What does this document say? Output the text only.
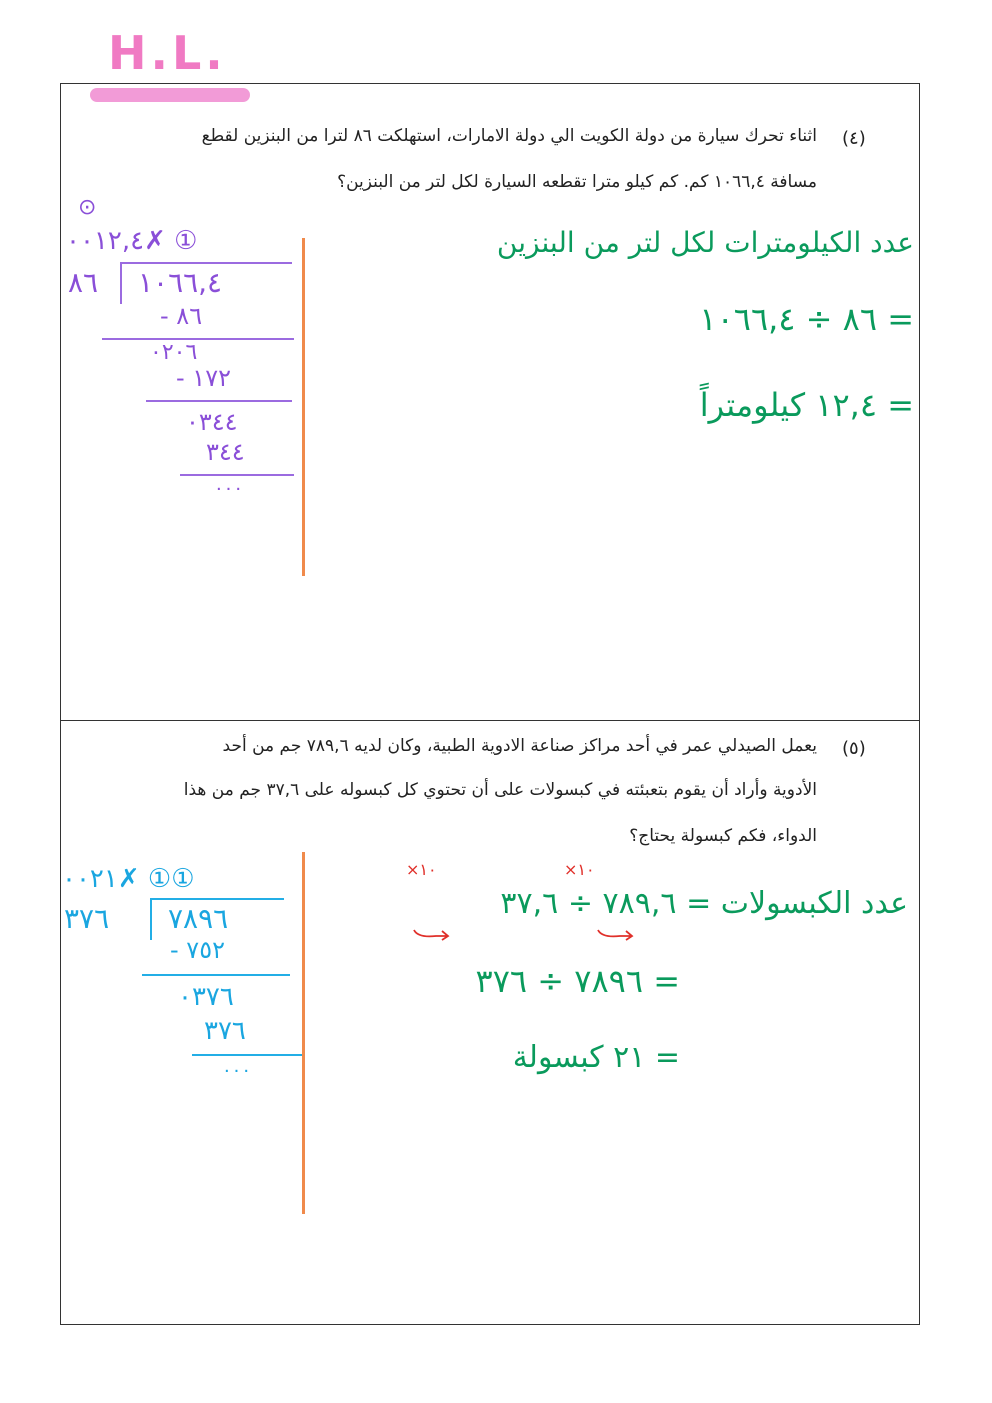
H.L.
(٤)
اثناء تحرك سيارة من دولة الكويت الي دولة الامارات، استهلكت ٨٦ لترا من البنزين لقطع
مسافة ١٠٦٦,٤ كم. كم كيلو مترا تقطعه السيارة لكل لتر من البنزين؟
⊙
① ✗٠٠١٢,٤
٨٦ ١٠٦٦,٤
٨٦ -
٠٢٠٦
١٧٢ -
٠٣٤٤
٣٤٤
٠٠٠
عدد الكيلومترات لكل لتر من البنزين
= ٨٦ ÷ ١٠٦٦,٤
= ١٢,٤ كيلومتراً
(٥)
يعمل الصيدلي عمر في أحد مراكز صناعة الادوية الطبية، وكان لديه ٧٨٩,٦ جم من أحد
الأدوية وأراد أن يقوم بتعبئته في كبسولات على أن تحتوي كل كبسوله على ٣٧,٦ جم من هذا
الدواء، فكم كبسولة يحتاج؟
①① ✗٠٠٢١
٣٧٦ ٧٨٩٦
٧٥٢ -
٠٣٧٦
٣٧٦
٠٠٠
١٠×	١٠×
عدد الكبسولات = ٧٨٩,٦ ÷ ٣٧,٦
= ٧٨٩٦ ÷ ٣٧٦
= ٢١ كبسولة
